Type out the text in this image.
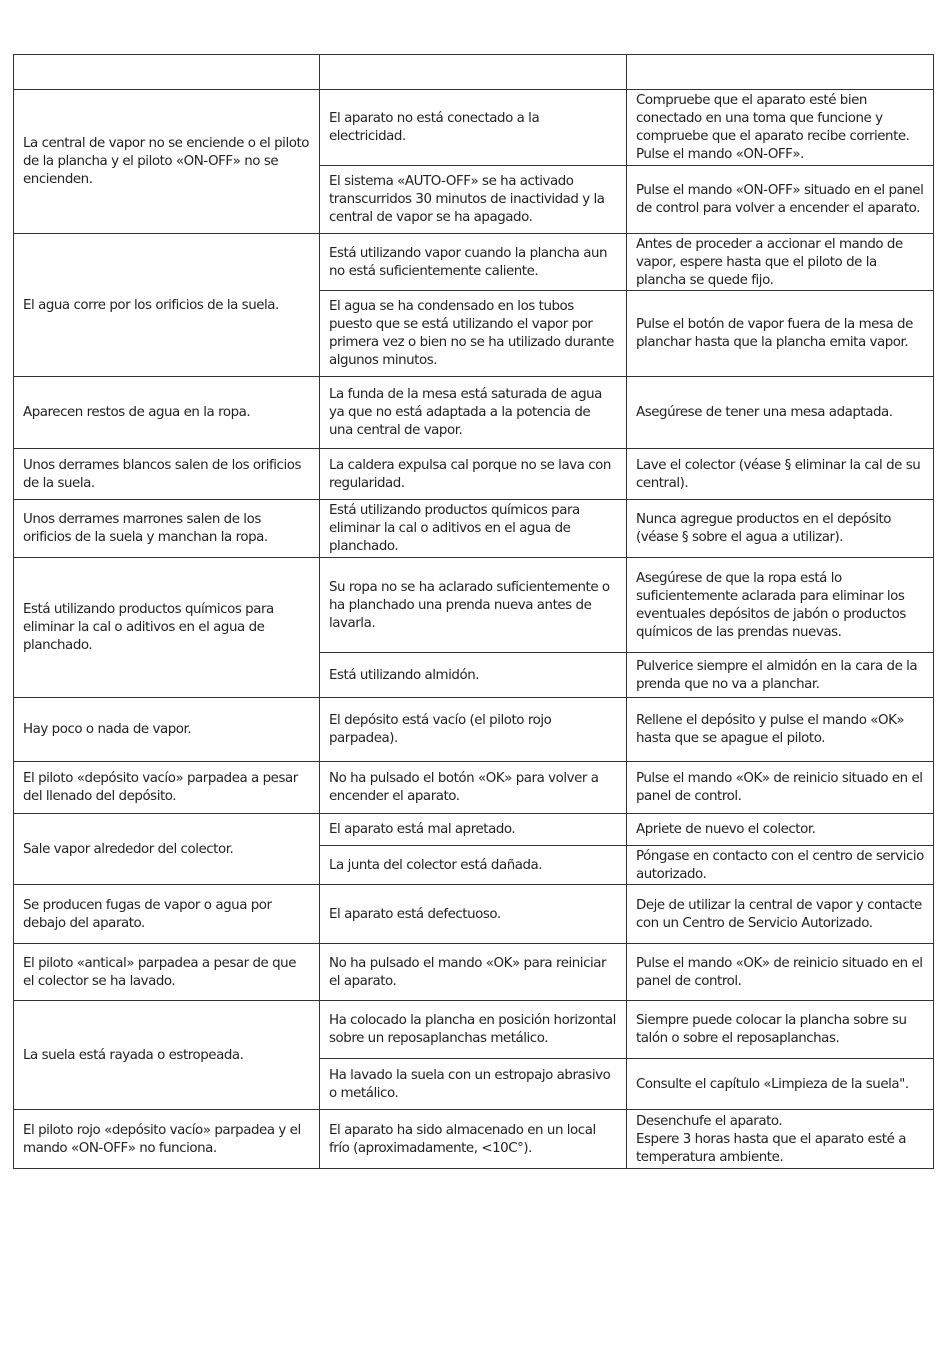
La central de vapor no se enciende o el piloto de la plancha y el piloto «ON-OFF» no se encienden.	El aparato no está conectado a la electricidad.	Compruebe que el aparato esté bien conectado en una toma que funcione y compruebe que el aparato recibe corriente. Pulse el mando «ON-OFF».
	El sistema «AUTO-OFF» se ha activado transcurridos 30 minutos de inactividad y la central de vapor se ha apagado.	Pulse el mando «ON-OFF» situado en el panel de control para volver a encender el aparato.
El agua corre por los orificios de la suela.	Está utilizando vapor cuando la plancha aun no está suficientemente caliente.	Antes de proceder a accionar el mando de vapor, espere hasta que el piloto de la plancha se quede fijo.
	El agua se ha condensado en los tubos puesto que se está utilizando el vapor por primera vez o bien no se ha utilizado durante algunos minutos.	Pulse el botón de vapor fuera de la mesa de planchar hasta que la plancha emita vapor.
Aparecen restos de agua en la ropa.	La funda de la mesa está saturada de agua ya que no está adaptada a la potencia de una central de vapor.	Asegúrese de tener una mesa adaptada.
Unos derrames blancos salen de los orificios de la suela.	La caldera expulsa cal porque no se lava con regularidad.	Lave el colector (véase § eliminar la cal de su central).
Unos derrames marrones salen de los orificios de la suela y manchan la ropa.	Está utilizando productos químicos para eliminar la cal o aditivos en el agua de planchado.	Nunca agregue productos en el depósito (véase § sobre el agua a utilizar).
Está utilizando productos químicos para eliminar la cal o aditivos en el agua de planchado.	Su ropa no se ha aclarado suficientemente o ha planchado una prenda nueva antes de lavarla.	Asegúrese de que la ropa está lo suficientemente aclarada para eliminar los eventuales depósitos de jabón o productos químicos de las prendas nuevas.
	Está utilizando almidón.	Pulverice siempre el almidón en la cara de la prenda que no va a planchar.
Hay poco o nada de vapor.	El depósito está vacío (el piloto rojo parpadea).	Rellene el depósito y pulse el mando «OK» hasta que se apague el piloto.
El piloto «depósito vacío» parpadea a pesar del llenado del depósito.	No ha pulsado el botón «OK» para volver a encender el aparato.	Pulse el mando «OK» de reinicio situado en el panel de control.
Sale vapor alrededor del colector.	El aparato está mal apretado.	Apriete de nuevo el colector.
	La junta del colector está dañada.	Póngase en contacto con el centro de servicio autorizado.
Se producen fugas de vapor o agua por debajo del aparato.	El aparato está defectuoso.	Deje de utilizar la central de vapor y contacte con un Centro de Servicio Autorizado.
El piloto «antical» parpadea a pesar de que el colector se ha lavado.	No ha pulsado el mando «OK» para reiniciar el aparato.	Pulse el mando «OK» de reinicio situado en el panel de control.
La suela está rayada o estropeada.	Ha colocado la plancha en posición horizontal sobre un reposaplanchas metálico.	Siempre puede colocar la plancha sobre su talón o sobre el reposaplanchas.
	Ha lavado la suela con un estropajo abrasivo o metálico.	Consulte el capítulo «Limpieza de la suela".
El piloto rojo «depósito vacío» parpadea y el mando «ON-OFF» no funciona.	El aparato ha sido almacenado en un local frío (aproximadamente, <10C°).	Desenchufe el aparato.
Espere 3 horas hasta que el aparato esté a temperatura ambiente.
